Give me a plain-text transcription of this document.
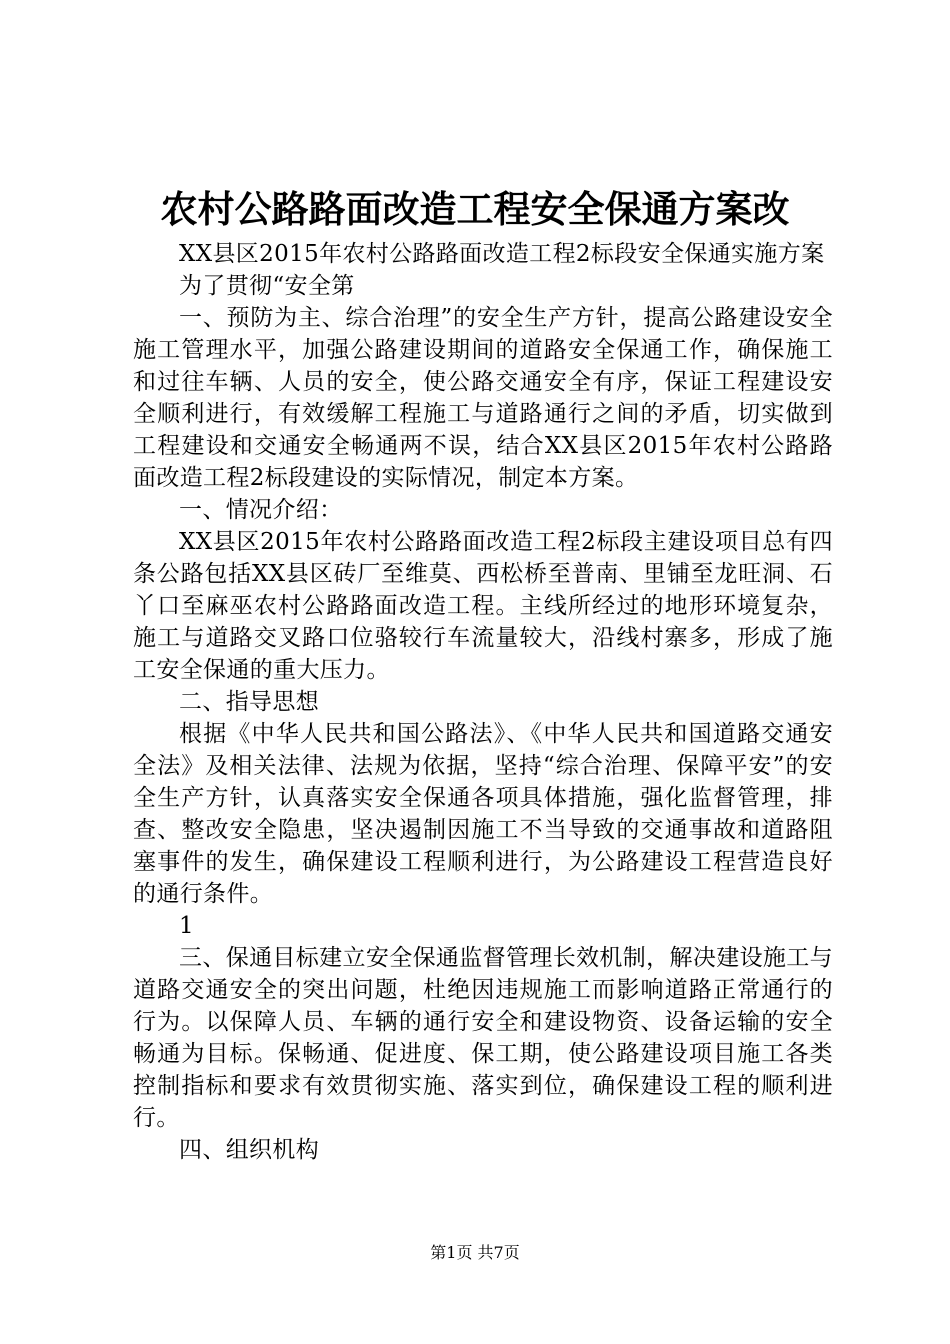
农村公路路面改造工程安全保通方案改

XX县区2015年农村公路路面改造工程2标段安全保通实施方案

为了贯彻“安全第

一、预防为主、综合治理”的安全生产方针，提高公路建设安全施工管理水平，加强公路建设期间的道路安全保通工作，确保施工和过往车辆、人员的安全，使公路交通安全有序，保证工程建设安全顺利进行，有效缓解工程施工与道路通行之间的矛盾，切实做到工程建设和交通安全畅通两不误，结合XX县区2015年农村公路路面改造工程2标段建设的实际情况，制定本方案。

一、情况介绍：

XX县区2015年农村公路路面改造工程2标段主建设项目总有四条公路包括XX县区砖厂至维莫、西松桥至普南、里铺至龙旺洞、石丫口至麻巫农村公路路面改造工程。主线所经过的地形环境复杂，施工与道路交叉路口位骆较行车流量较大，沿线村寨多，形成了施工安全保通的重大压力。

二、指导思想

根据《中华人民共和国公路法》、《中华人民共和国道路交通安全法》及相关法律、法规为依据，坚持“综合治理、保障平安”的安全生产方针，认真落实安全保通各项具体措施，强化监督管理，排查、整改安全隐患，坚决遏制因施工不当导致的交通事故和道路阻塞事件的发生，确保建设工程顺利进行，为公路建设工程营造良好的通行条件。

1

三、保通目标建立安全保通监督管理长效机制，解决建设施工与道路交通安全的突出问题，杜绝因违规施工而影响道路正常通行的行为。以保障人员、车辆的通行安全和建设物资、设备运输的安全畅通为目标。保畅通、促进度、保工期，使公路建设项目施工各类控制指标和要求有效贯彻实施、落实到位，确保建设工程的顺利进行。

四、组织机构
第1页 共7页
